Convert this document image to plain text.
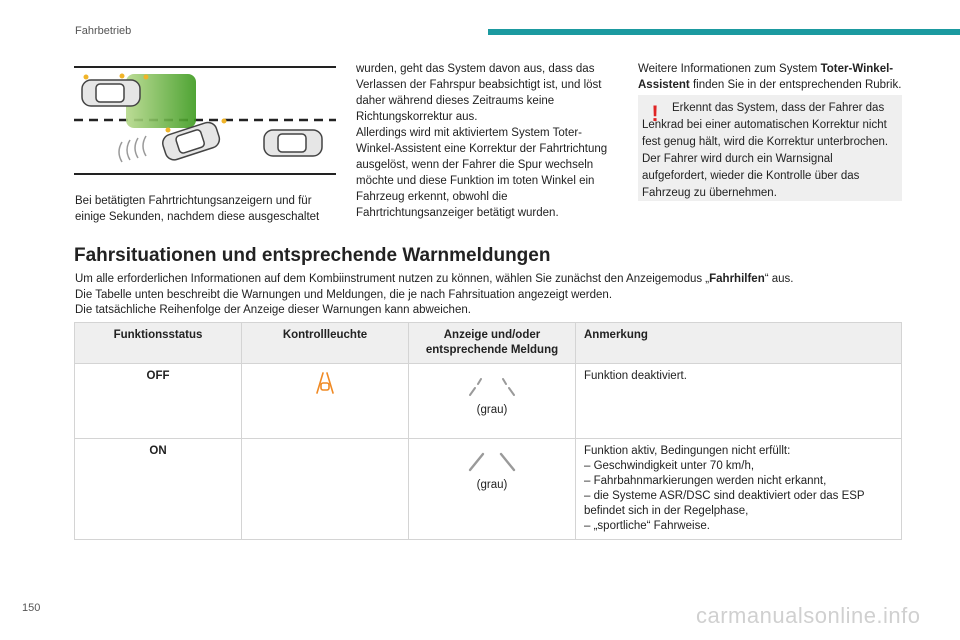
Fahrbetrieb
Bei betätigten Fahrtrichtungsanzeigern und für einige Sekunden, nachdem diese ausgeschaltet
wurden, geht das System davon aus, dass das Verlassen der Fahrspur beabsichtigt ist, und löst daher während dieses Zeitraums keine Richtungskorrektur aus.
Allerdings wird mit aktiviertem System Toter-Winkel-Assistent eine Korrektur der Fahrtrichtung ausgelöst, wenn der Fahrer die Spur wechseln möchte und diese Funktion im toten Winkel ein Fahrzeug erkennt, obwohl die Fahrtrichtungsanzeiger betätigt wurden.
Weitere Informationen zum System Toter-Winkel-Assistent finden Sie in der entsprechenden Rubrik.
!	Erkennt das System, dass der Fahrer das Lenkrad bei einer automatischen Korrektur nicht fest genug hält, wird die Korrektur unterbrochen. Der Fahrer wird durch ein Warnsignal aufgefordert, wieder die Kontrolle über das Fahrzeug zu übernehmen.
Fahrsituationen und entsprechende Warnmeldungen

Um alle erforderlichen Informationen auf dem Kombiinstrument nutzen zu können, wählen Sie zunächst den Anzeigemodus „Fahrhilfen“ aus.

Die Tabelle unten beschreibt die Warnungen und Meldungen, die je nach Fahrsituation angezeigt werden.

Die tatsächliche Reihenfolge der Anzeige dieser Warnungen kann abweichen.

Funktionsstatus	Kontrollleuchte	Anzeige und/oder entsprechende Meldung	Anmerkung
OFF		(grau)	Funktion deaktiviert.

ON		(grau)	Funktion aktiv, Bedingungen nicht erfüllt:

– Geschwindigkeit unter 70 km/h,

– Fahrbahnmarkierungen werden nicht erkannt,

– die Systeme ASR/DSC sind deaktiviert oder das ESP befindet sich in der Regelphase,

– „sportliche“ Fahrweise.

150	carmanualsonline.info
